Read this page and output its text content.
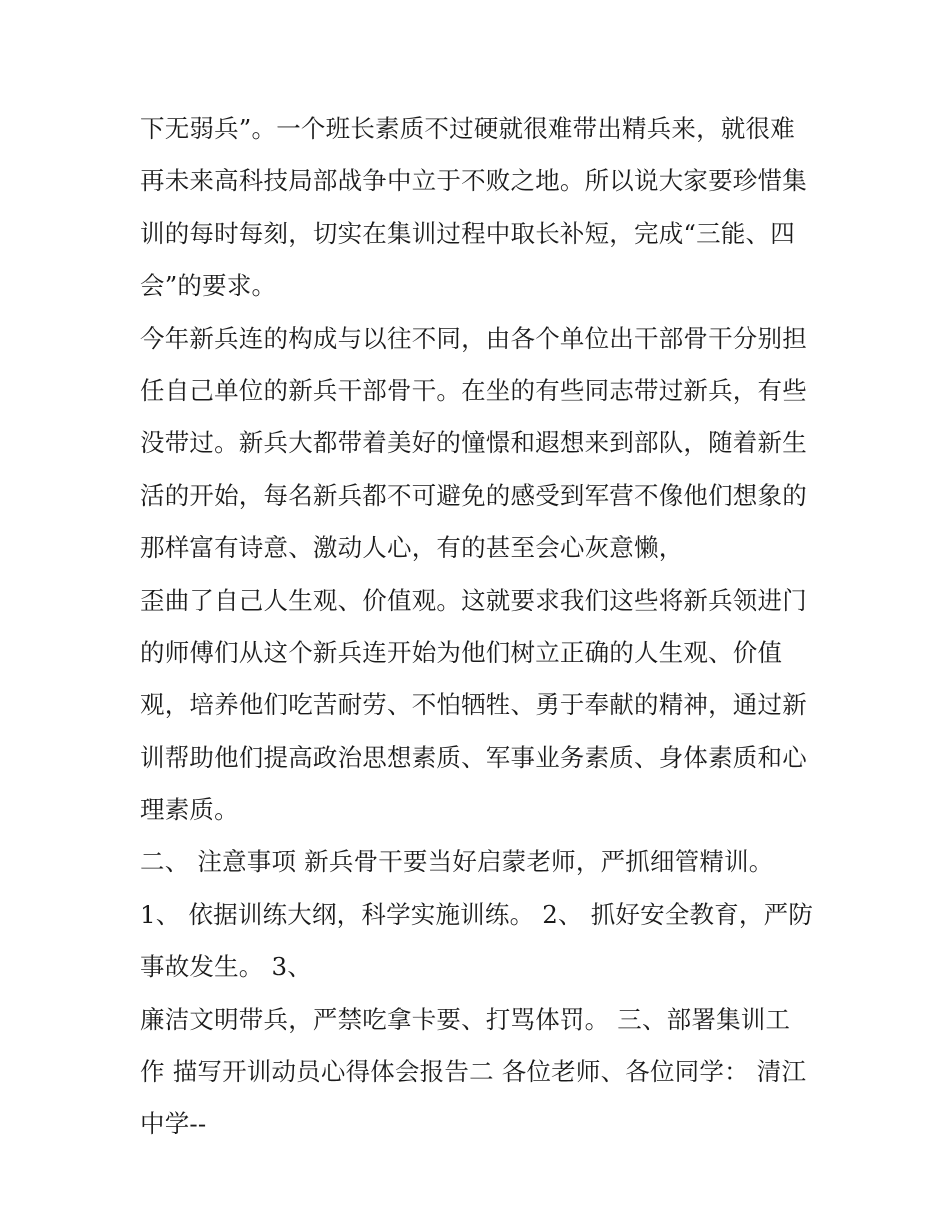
下无弱兵”。一个班长素质不过硬就很难带出精兵来，就很难
再未来高科技局部战争中立于不败之地。所以说大家要珍惜集
训的每时每刻，切实在集训过程中取长补短，完成“三能、四
会”的要求。
今年新兵连的构成与以往不同，由各个单位出干部骨干分别担
任自己单位的新兵干部骨干。在坐的有些同志带过新兵，有些
没带过。新兵大都带着美好的憧憬和遐想来到部队，随着新生
活的开始，每名新兵都不可避免的感受到军营不像他们想象的
那样富有诗意、激动人心，有的甚至会心灰意懒，
歪曲了自己人生观、价值观。这就要求我们这些将新兵领进门
的师傅们从这个新兵连开始为他们树立正确的人生观、价值
观，培养他们吃苦耐劳、不怕牺牲、勇于奉献的精神，通过新
训帮助他们提高政治思想素质、军事业务素质、身体素质和心
理素质。
二、 注意事项 新兵骨干要当好启蒙老师，严抓细管精训。
1、 依据训练大纲，科学实施训练。 2、 抓好安全教育，严防
事故发生。 3、
廉洁文明带兵，严禁吃拿卡要、打骂体罚。 三、部署集训工
作 描写开训动员心得体会报告二 各位老师、各位同学： 清江
中学--
